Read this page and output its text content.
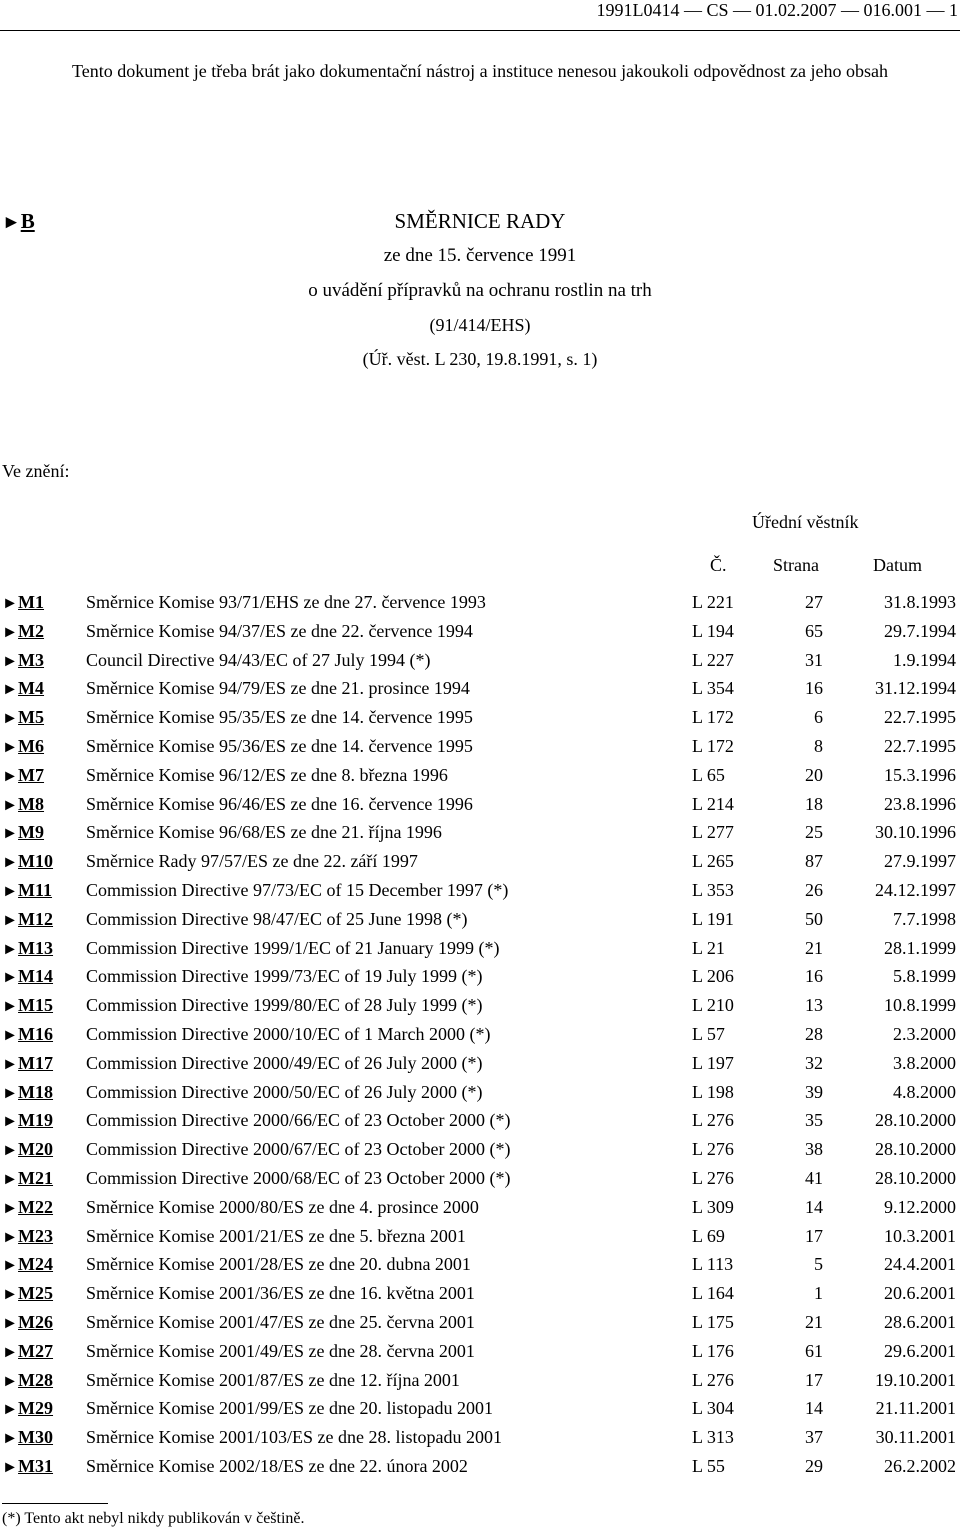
1991L0414 — CS — 01.02.2007 — 016.001 — 1
Tento dokument je třeba brát jako dokumentační nástroj a instituce nenesou jakoukoli odpovědnost za jeho obsah
►B	SMĚRNICE RADY
ze dne 15. července 1991
o uvádění přípravků na ochranu rostlin na trh
(91/414/EHS)
(Úř. věst. L 230, 19.8.1991, s. 1)
Ve znění:
Úřední věstník
Č.	Strana	Datum
►M1 Směrnice Komise 93/71/EHS ze dne 27. července 1993	L 221	27	31.8.1993
►M2 Směrnice Komise 94/37/ES ze dne 22. července 1994	L 194	65	29.7.1994
►M3 Council Directive 94/43/EC of 27 July 1994 (*)	L 227	31	1.9.1994
►M4 Směrnice Komise 94/79/ES ze dne 21. prosince 1994	L 354	16	31.12.1994
►M5 Směrnice Komise 95/35/ES ze dne 14. července 1995	L 172	6	22.7.1995
►M6 Směrnice Komise 95/36/ES ze dne 14. července 1995	L 172	8	22.7.1995
►M7 Směrnice Komise 96/12/ES ze dne 8. března 1996	L 65	20	15.3.1996
►M8 Směrnice Komise 96/46/ES ze dne 16. července 1996	L 214	18	23.8.1996
►M9 Směrnice Komise 96/68/ES ze dne 21. října 1996	L 277	25	30.10.1996
►M10 Směrnice Rady 97/57/ES ze dne 22. září 1997	L 265	87	27.9.1997
►M11 Commission Directive 97/73/EC of 15 December 1997 (*)	L 353	26	24.12.1997
►M12 Commission Directive 98/47/EC of 25 June 1998 (*)	L 191	50	7.7.1998
►M13 Commission Directive 1999/1/EC of 21 January 1999 (*)	L 21	21	28.1.1999
►M14 Commission Directive 1999/73/EC of 19 July 1999 (*)	L 206	16	5.8.1999
►M15 Commission Directive 1999/80/EC of 28 July 1999 (*)	L 210	13	10.8.1999
►M16 Commission Directive 2000/10/EC of 1 March 2000 (*)	L 57	28	2.3.2000
►M17 Commission Directive 2000/49/EC of 26 July 2000 (*)	L 197	32	3.8.2000
►M18 Commission Directive 2000/50/EC of 26 July 2000 (*)	L 198	39	4.8.2000
►M19 Commission Directive 2000/66/EC of 23 October 2000 (*)	L 276	35	28.10.2000
►M20 Commission Directive 2000/67/EC of 23 October 2000 (*)	L 276	38	28.10.2000
►M21 Commission Directive 2000/68/EC of 23 October 2000 (*)	L 276	41	28.10.2000
►M22 Směrnice Komise 2000/80/ES ze dne 4. prosince 2000	L 309	14	9.12.2000
►M23 Směrnice Komise 2001/21/ES ze dne 5. března 2001	L 69	17	10.3.2001
►M24 Směrnice Komise 2001/28/ES ze dne 20. dubna 2001	L 113	5	24.4.2001
►M25 Směrnice Komise 2001/36/ES ze dne 16. května 2001	L 164	1	20.6.2001
►M26 Směrnice Komise 2001/47/ES ze dne 25. června 2001	L 175	21	28.6.2001
►M27 Směrnice Komise 2001/49/ES ze dne 28. června 2001	L 176	61	29.6.2001
►M28 Směrnice Komise 2001/87/ES ze dne 12. října 2001	L 276	17	19.10.2001
►M29 Směrnice Komise 2001/99/ES ze dne 20. listopadu 2001	L 304	14	21.11.2001
►M30 Směrnice Komise 2001/103/ES ze dne 28. listopadu 2001	L 313	37	30.11.2001
►M31 Směrnice Komise 2002/18/ES ze dne 22. února 2002	L 55	29	26.2.2002
(*) Tento akt nebyl nikdy publikován v češtině.
